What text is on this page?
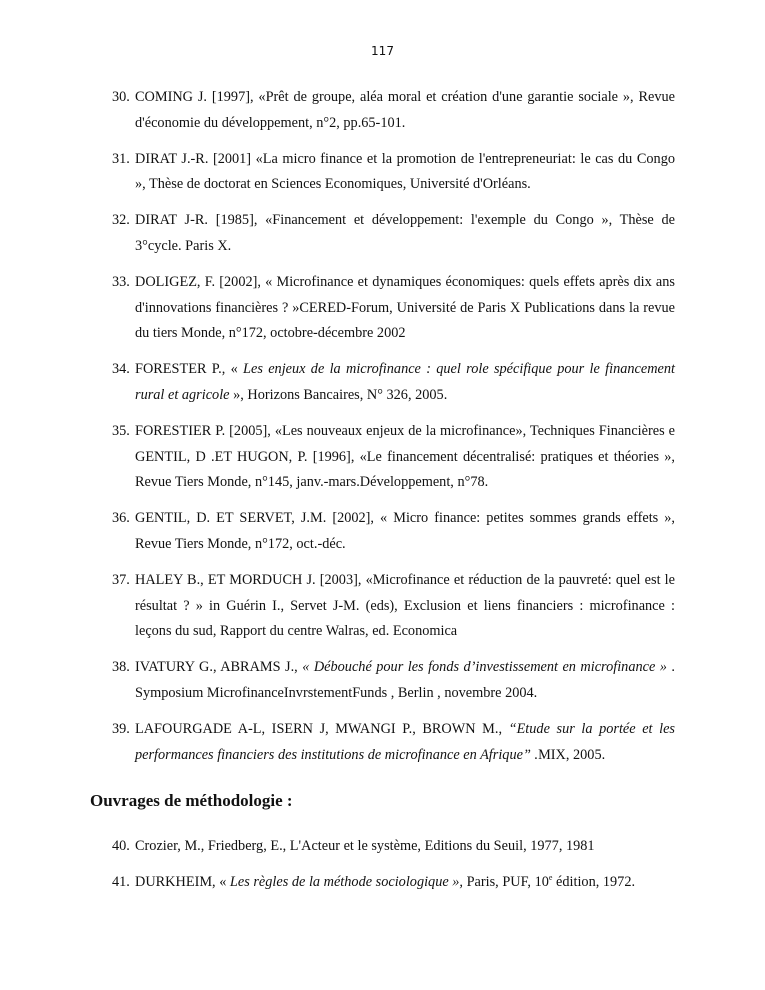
117
30. COMING J. [1997], «Prêt de groupe, aléa moral et création d'une garantie sociale », Revue d'économie du développement, n°2, pp.65-101.
31. DIRAT J.-R. [2001] «La micro finance et la promotion de l'entrepreneuriat: le cas du Congo », Thèse de doctorat en Sciences Economiques, Université d'Orléans.
32. DIRAT J-R. [1985], «Financement et développement: l'exemple du Congo », Thèse de 3°cycle. Paris X.
33. DOLIGEZ, F. [2002], « Microfinance et dynamiques économiques: quels effets après dix ans d'innovations financières ? »CERED-Forum, Université de Paris X Publications dans la revue du tiers Monde, n°172, octobre-décembre 2002
34. FORESTER P., « Les enjeux de la microfinance : quel role spécifique pour le financement rural et agricole », Horizons Bancaires, N° 326, 2005.
35. FORESTIER P. [2005], «Les nouveaux enjeux de la microfinance», Techniques Financières e GENTIL, D .ET HUGON, P. [1996], «Le financement décentralisé: pratiques et théories », Revue Tiers Monde, n°145, janv.-mars.Développement, n°78.
36. GENTIL, D. ET SERVET, J.M. [2002], « Micro finance: petites sommes grands effets », Revue Tiers Monde, n°172, oct.-déc.
37. HALEY B., ET MORDUCH J. [2003], «Microfinance et réduction de la pauvreté: quel est le résultat ? » in Guérin I., Servet J-M. (eds), Exclusion et liens financiers : microfinance : leçons du sud, Rapport du centre Walras, ed. Economica
38. IVATURY G., ABRAMS J., « Débouché pour les fonds d’investissement en microfinance » . Symposium MicrofinanceInvrstementFunds , Berlin , novembre 2004.
39. LAFOURGADE A-L, ISERN J, MWANGI P., BROWN M., “Etude sur la portée et les performances financiers des institutions de microfinance en Afrique” .MIX, 2005.
Ouvrages de méthodologie :
40. Crozier, M., Friedberg, E., L'Acteur et le système, Editions du Seuil, 1977, 1981
41. DURKHEIM, « Les règles de la méthode sociologique », Paris, PUF, 10e édition, 1972.
